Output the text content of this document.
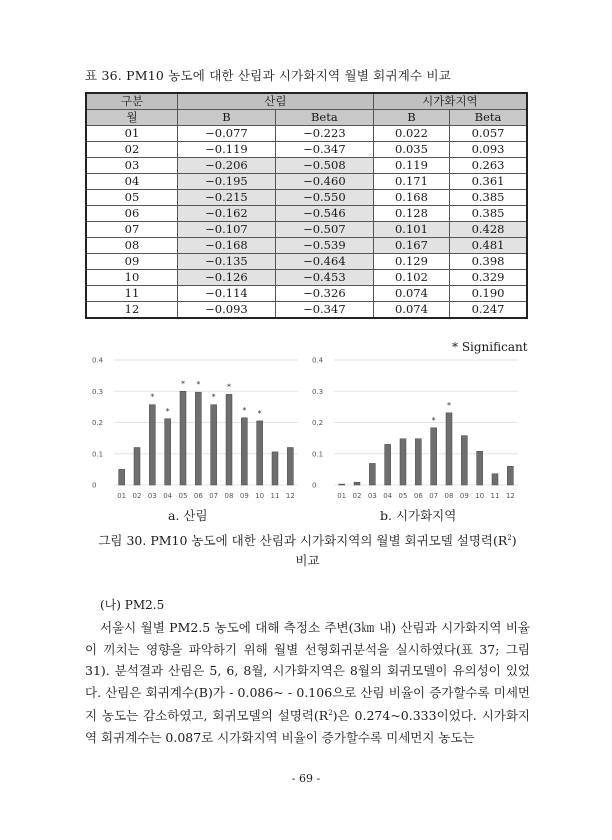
표 36. PM10 농도에 대한 산림과 시가화지역 월별 회귀계수 비교
구분	산림		시가화지역	
월	B	Beta	B	Beta
01	−0.077	−0.223	0.022	0.057
02	−0.119	−0.347	0.035	0.093
03	−0.206	−0.508	0.119	0.263
04	−0.195	−0.460	0.171	0.361
05	−0.215	−0.550	0.168	0.385
06	−0.162	−0.546	0.128	0.385
07	−0.107	−0.507	0.101	0.428
08	−0.168	−0.539	0.167	0.481
09	−0.135	−0.464	0.129	0.398
10	−0.126	−0.453	0.102	0.329
11	−0.114	−0.326	0.074	0.190
12	−0.093	−0.347	0.074	0.247
* Significant
0
0.1
0.2
0.3
0.4
01 02 03
*
04
*
05
*
06
*
07
*
08
*
09
*
10
*
11 12
0
0.1
0.2
0.3
0.4
01 02 03 04 05 06 07
*
08
*
09 10 11 12
a. 산림	b. 시가화지역
그림 30. PM10 농도에 대한 산림과 시가화지역의 월별 회귀모델 설명력$(R^2)$
비교
(나) PM2.5
서울시 월별 PM2.5 농도에 대해 측정소 주변(3㎞ 내) 산림과 시가화지역 비율이 끼치는 영향을 파악하기 위해 월별 선형회귀분석을 실시하였다(표 37; 그림 31). 분석결과 산림은 5, 6, 8월, 시가화지역은 8월의 회귀모델이 유의성이 있었다. 산림은 회귀계수(B)가 - 0.086~ - 0.106으로 산림 비율이 증가할수록 미세먼지 농도는 감소하였고, 회귀모델의 설명력$(R^2)$은 0.274~0.333이었다. 시가화지역 회귀계수는 0.087로 시가화지역 비율이 증가할수록 미세먼지 농도는
- 69 -
